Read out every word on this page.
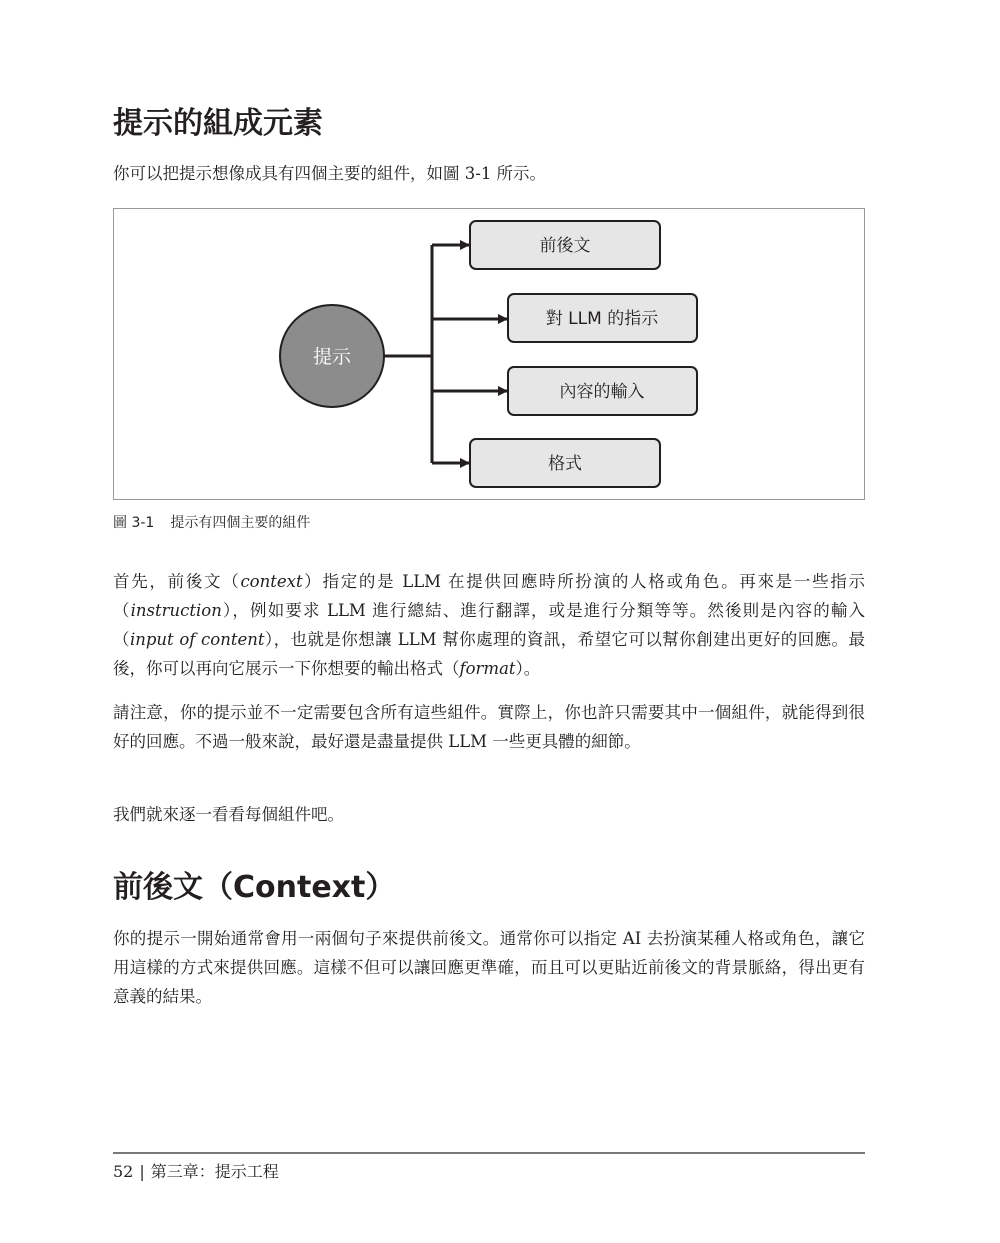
提示的組成元素

你可以把提示想像成具有四個主要的組件，如圖 3-1 所示。

提示
前後文
對 LLM 的指示
內容的輸入
格式
圖 3-1 提示有四個主要的組件

首先，前後文（context）指定的是 LLM 在提供回應時所扮演的人格或角色。再來是一些指示（instruction），例如要求 LLM 進行總結、進行翻譯，或是進行分類等等。然後則是內容的輸入（input of content），也就是你想讓 LLM 幫你處理的資訊，希望它可以幫你創建出更好的回應。最後，你可以再向它展示一下你想要的輸出格式（format）。

請注意，你的提示並不一定需要包含所有這些組件。實際上，你也許只需要其中一個組件，就能得到很好的回應。不過一般來說，最好還是盡量提供 LLM 一些更具體的細節。

我們就來逐一看看每個組件吧。

前後文（Context）

你的提示一開始通常會用一兩個句子來提供前後文。通常你可以指定 AI 去扮演某種人格或角色，讓它用這樣的方式來提供回應。這樣不但可以讓回應更準確，而且可以更貼近前後文的背景脈絡，得出更有意義的結果。

52 | 第三章：提示工程
